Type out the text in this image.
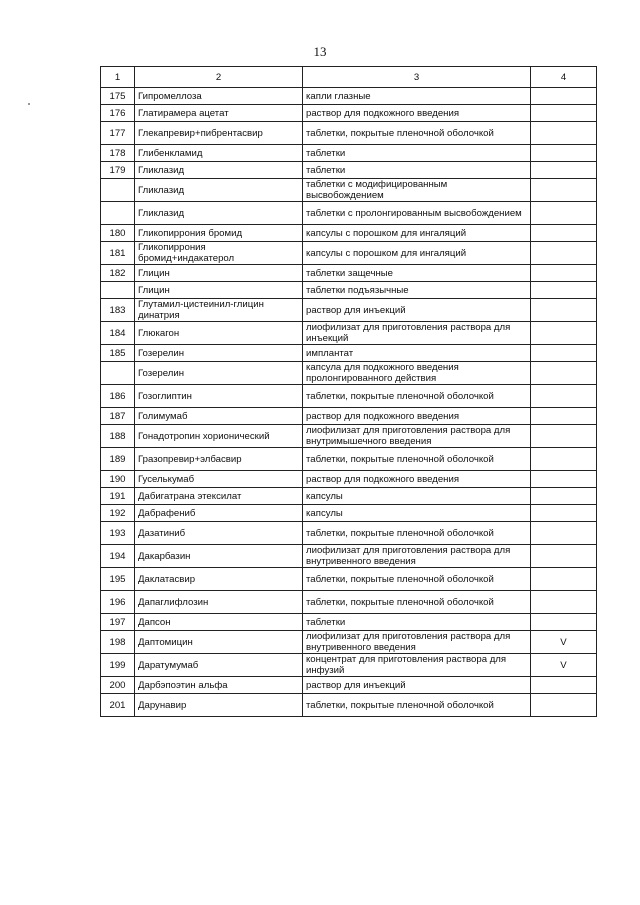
13
1	2	3	4
175	Гипромеллоза	капли глазные	
176	Глатирамера ацетат	раствор для подкожного введения	
177	Глекапревир+пибрентасвир	таблетки, покрытые пленочной оболочкой	
178	Глибенкламид	таблетки	
179	Гликлазид	таблетки	
	Гликлазид	таблетки с модифицированным высвобождением	
	Гликлазид	таблетки с пролонгированным высвобождением	
180	Гликопиррония бромид	капсулы с порошком для ингаляций	
181	Гликопиррония бромид+индакатерол	капсулы с порошком для ингаляций	
182	Глицин	таблетки защечные	
	Глицин	таблетки подъязычные	
183	Глутамил-цистеинил-глицин динатрия	раствор для инъекций	
184	Глюкагон	лиофилизат для приготовления раствора для инъекций	
185	Гозерелин	имплантат	
	Гозерелин	капсула для подкожного введения пролонгированного действия	
186	Гозоглиптин	таблетки, покрытые пленочной оболочкой	
187	Голимумаб	раствор для подкожного введения	
188	Гонадотропин хорионический	лиофилизат для приготовления раствора для внутримышечного введения	
189	Гразопревир+элбасвир	таблетки, покрытые пленочной оболочкой	
190	Гуселькумаб	раствор для подкожного введения	
191	Дабигатрана этексилат	капсулы	
192	Дабрафениб	капсулы	
193	Дазатиниб	таблетки, покрытые пленочной оболочкой	
194	Дакарбазин	лиофилизат для приготовления раствора для внутривенного введения	
195	Даклатасвир	таблетки, покрытые пленочной оболочкой	
196	Дапаглифлозин	таблетки, покрытые пленочной оболочкой	
197	Дапсон	таблетки	
198	Даптомицин	лиофилизат для приготовления раствора для внутривенного введения	V
199	Даратумумаб	концентрат для приготовления раствора для инфузий	V
200	Дарбэпоэтин альфа	раствор для инъекций	
201	Дарунавир	таблетки, покрытые пленочной оболочкой	
